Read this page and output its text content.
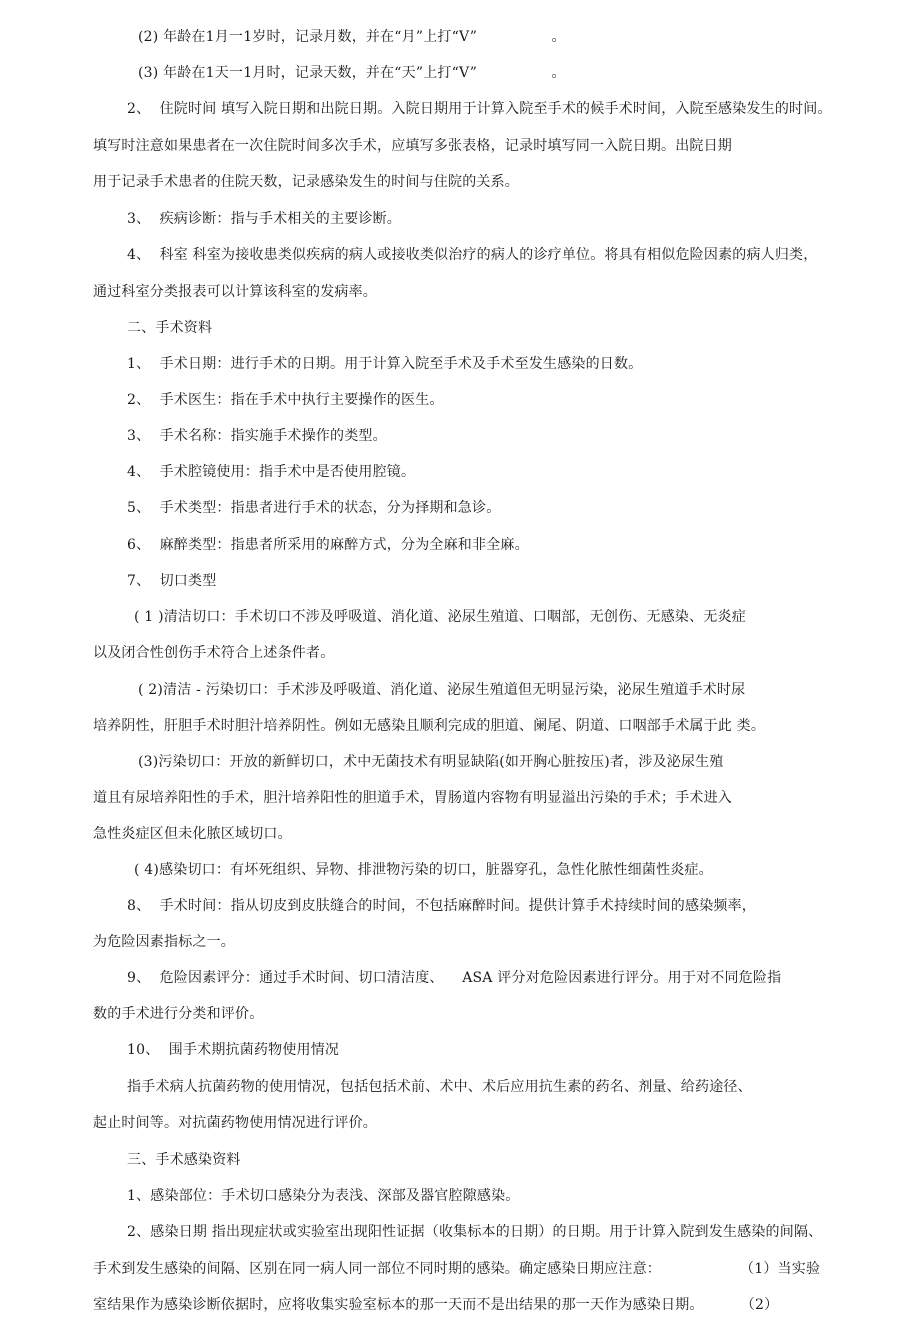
(2) 年龄在1月一1岁时，记录月数，并在“月”上打“V”                。
(3) 年龄在1天一1月时，记录天数，并在“天”上打“V”                。
2、  住院时间 填写入院日期和出院日期。入院日期用于计算入院至手术的候手术时间，入院至感染发生的时间。
填写时注意如果患者在一次住院时间多次手术，应填写多张表格，记录时填写同一入院日期。出院日期
用于记录手术患者的住院天数，记录感染发生的时间与住院的关系。
3、  疾病诊断：指与手术相关的主要诊断。
4、  科室 科室为接收患类似疾病的病人或接收类似治疗的病人的诊疗单位。将具有相似危险因素的病人归类，
通过科室分类报表可以计算该科室的发病率。
二、手术资料
1、  手术日期：进行手术的日期。用于计算入院至手术及手术至发生感染的日数。
2、  手术医生：指在手术中执行主要操作的医生。
3、  手术名称：指实施手术操作的类型。
4、  手术腔镜使用：指手术中是否使用腔镜。
5、  手术类型：指患者进行手术的状态，分为择期和急诊。
6、  麻醉类型：指患者所采用的麻醉方式，分为全麻和非全麻。
7、  切口类型
( 1 )清洁切口：手术切口不涉及呼吸道、消化道、泌尿生殖道、口咽部，无创伤、无感染、无炎症
以及闭合性创伤手术符合上述条件者。
( 2)清洁 - 污染切口：手术涉及呼吸道、消化道、泌尿生殖道但无明显污染，泌尿生殖道手术时尿
培养阴性，肝胆手术时胆汁培养阴性。例如无感染且顺利完成的胆道、阑尾、阴道、口咽部手术属于此 类。
(3)污染切口：开放的新鲜切口，术中无菌技术有明显缺陷(如开胸心脏按压)者，涉及泌尿生殖
道且有尿培养阳性的手术，胆汁培养阳性的胆道手术，胃肠道内容物有明显溢出污染的手术；手术进入
急性炎症区但未化脓区域切口。
( 4)感染切口：有坏死组织、异物、排泄物污染的切口，脏器穿孔，急性化脓性细菌性炎症。
8、  手术时间：指从切皮到皮肤缝合的时间，不包括麻醉时间。提供计算手术持续时间的感染频率，
为危险因素指标之一。
9、  危险因素评分：通过手术时间、切口清洁度、    ASA 评分对危险因素进行评分。用于对不同危险指
数的手术进行分类和评价。
10、  围手术期抗菌药物使用情况
指手术病人抗菌药物的使用情况，包括包括术前、术中、术后应用抗生素的药名、剂量、给药途径、
起止时间等。对抗菌药物使用情况进行评价。
三、手术感染资料
1、感染部位：手术切口感染分为表浅、深部及器官腔隙感染。
2、感染日期 指出现症状或实验室出现阳性证据（收集标本的日期）的日期。用于计算入院到发生感染的间隔、
手术到发生感染的间隔、区别在同一病人同一部位不同时期的感染。确定感染日期应注意：                 （1）当实验
室结果作为感染诊断依据时，应将收集实验室标本的那一天而不是出结果的那一天作为感染日期。        （2）
